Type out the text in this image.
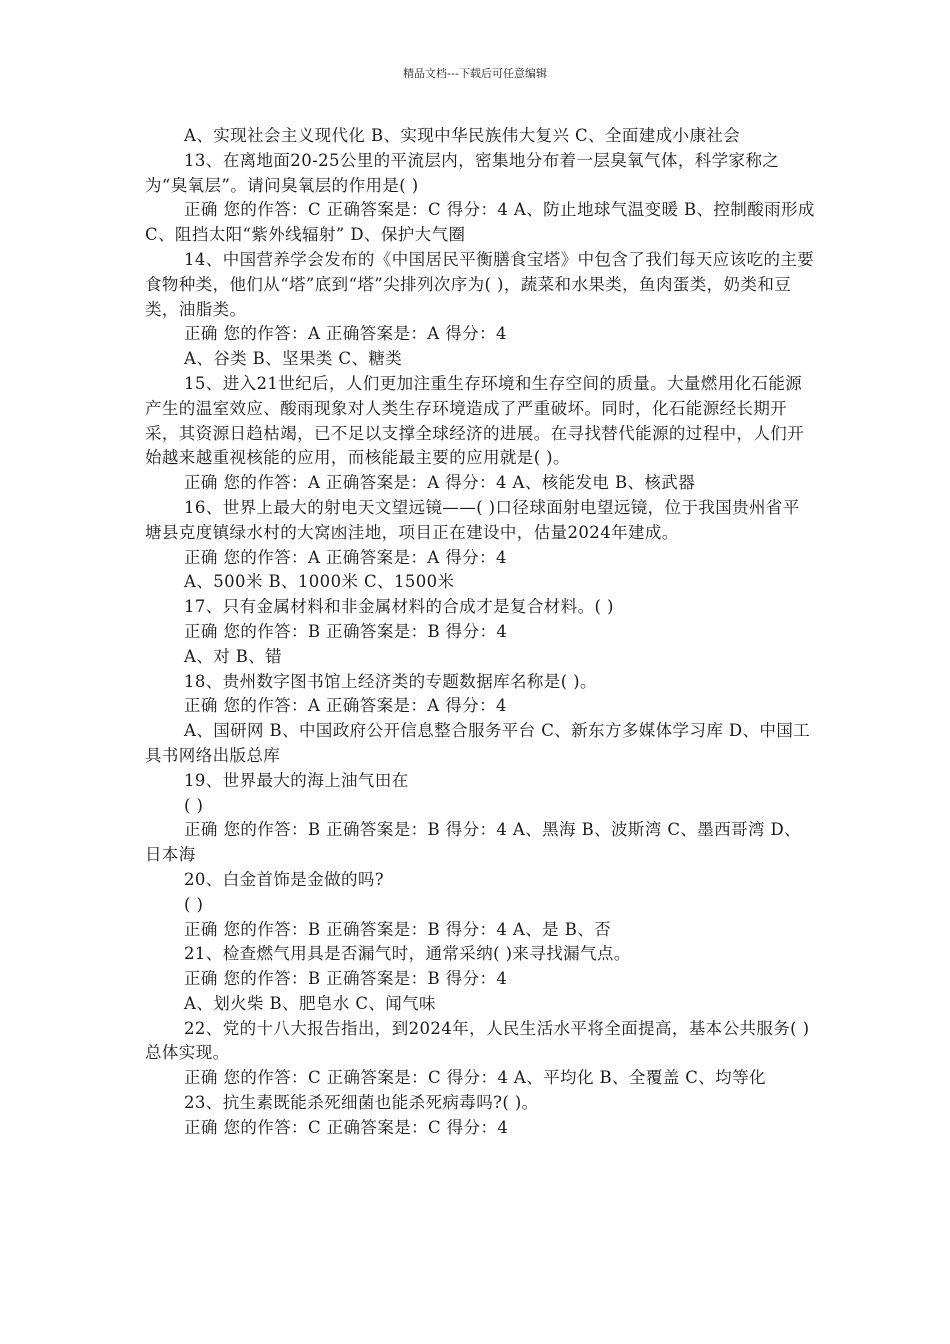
精品文档---下载后可任意编辑

A、实现社会主义现代化 B、实现中华民族伟大复兴 C、全面建成小康社会

13、在离地面20-25公里的平流层内，密集地分布着一层臭氧气体，科学家称之为“臭氧层”。请问臭氧层的作用是( )

正确 您的作答：C 正确答案是：C 得分：4 A、防止地球气温变暖 B、控制酸雨形成 C、阻挡太阳“紫外线辐射” D、保护大气圈

14、中国营养学会发布的《中国居民平衡膳食宝塔》中包含了我们每天应该吃的主要食物种类，他们从“塔”底到“塔”尖排列次序为( )，蔬菜和水果类，鱼肉蛋类，奶类和豆类，油脂类。

正确 您的作答：A 正确答案是：A 得分：4

A、谷类 B、坚果类 C、糖类

15、进入21世纪后，人们更加注重生存环境和生存空间的质量。大量燃用化石能源产生的温室效应、酸雨现象对人类生存环境造成了严重破坏。同时，化石能源经长期开采，其资源日趋枯竭，已不足以支撑全球经济的进展。在寻找替代能源的过程中，人们开始越来越重视核能的应用，而核能最主要的应用就是( )。

正确 您的作答：A 正确答案是：A 得分：4 A、核能发电 B、核武器

16、世界上最大的射电天文望远镜——( )口径球面射电望远镜，位于我国贵州省平塘县克度镇绿水村的大窝凼洼地，项目正在建设中，估量2024年建成。

正确 您的作答：A 正确答案是：A 得分：4

A、500米 B、1000米 C、1500米

17、只有金属材料和非金属材料的合成才是复合材料。( )

正确 您的作答：B 正确答案是：B 得分：4

A、对 B、错

18、贵州数字图书馆上经济类的专题数据库名称是( )。

正确 您的作答：A 正确答案是：A 得分：4

A、国研网 B、中国政府公开信息整合服务平台 C、新东方多媒体学习库 D、中国工具书网络出版总库

19、世界最大的海上油气田在

( )

正确 您的作答：B 正确答案是：B 得分：4 A、黑海 B、波斯湾 C、墨西哥湾 D、日本海

20、白金首饰是金做的吗?

( )

正确 您的作答：B 正确答案是：B 得分：4 A、是 B、否

21、检查燃气用具是否漏气时，通常采纳( )来寻找漏气点。

正确 您的作答：B 正确答案是：B 得分：4

A、划火柴 B、肥皂水 C、闻气味

22、党的十八大报告指出，到2024年，人民生活水平将全面提高，基本公共服务( )总体实现。

正确 您的作答：C 正确答案是：C 得分：4 A、平均化 B、全覆盖 C、均等化

23、抗生素既能杀死细菌也能杀死病毒吗?( )。

正确 您的作答：C 正确答案是：C 得分：4
